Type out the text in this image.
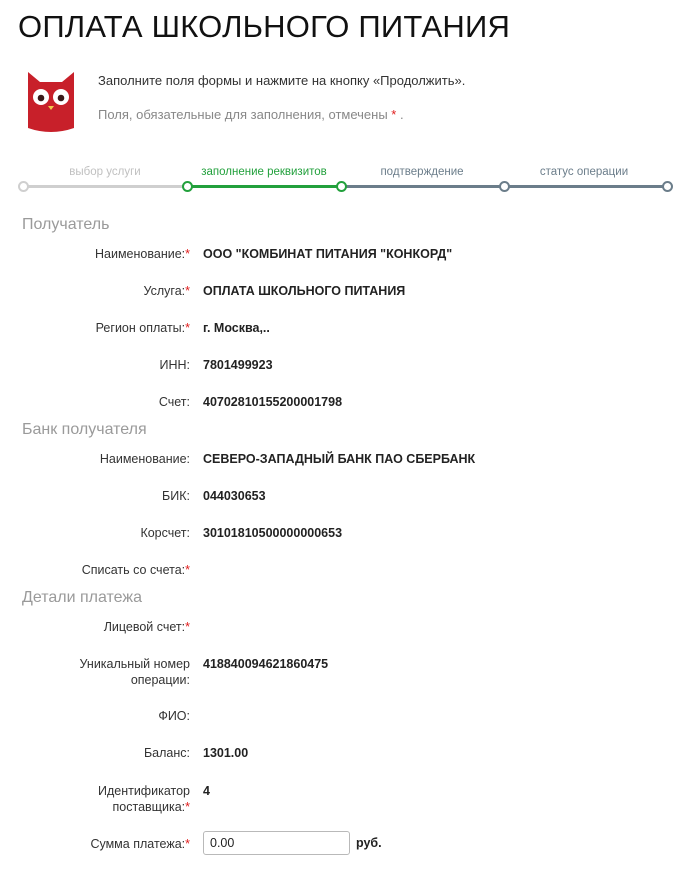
ОПЛАТА ШКОЛЬНОГО ПИТАНИЯ
Заполните поля формы и нажмите на кнопку «Продолжить».
Поля, обязательные для заполнения, отмечены * .
выбор услуги	заполнение реквизитов	подтверждение	статус операции
Получатель
Наименование:* ООО "КОМБИНАТ ПИТАНИЯ "КОНКОРД"
Услуга:* ОПЛАТА ШКОЛЬНОГО ПИТАНИЯ
Регион оплаты:* г. Москва,..
ИНН: 7801499923
Счет: 40702810155200001798
Банк получателя
Наименование: СЕВЕРО-ЗАПАДНЫЙ БАНК ПАО СБЕРБАНК
БИК: 044030653
Корсчет: 30101810500000000653
Списать со счета:*
Детали платежа
Лицевой счет:*
Уникальный номер
операции:
418840094621860475
ФИО:
Баланс: 1301.00
Идентификатор
поставщика:*
4
Сумма платежа:*
0.00	руб.
